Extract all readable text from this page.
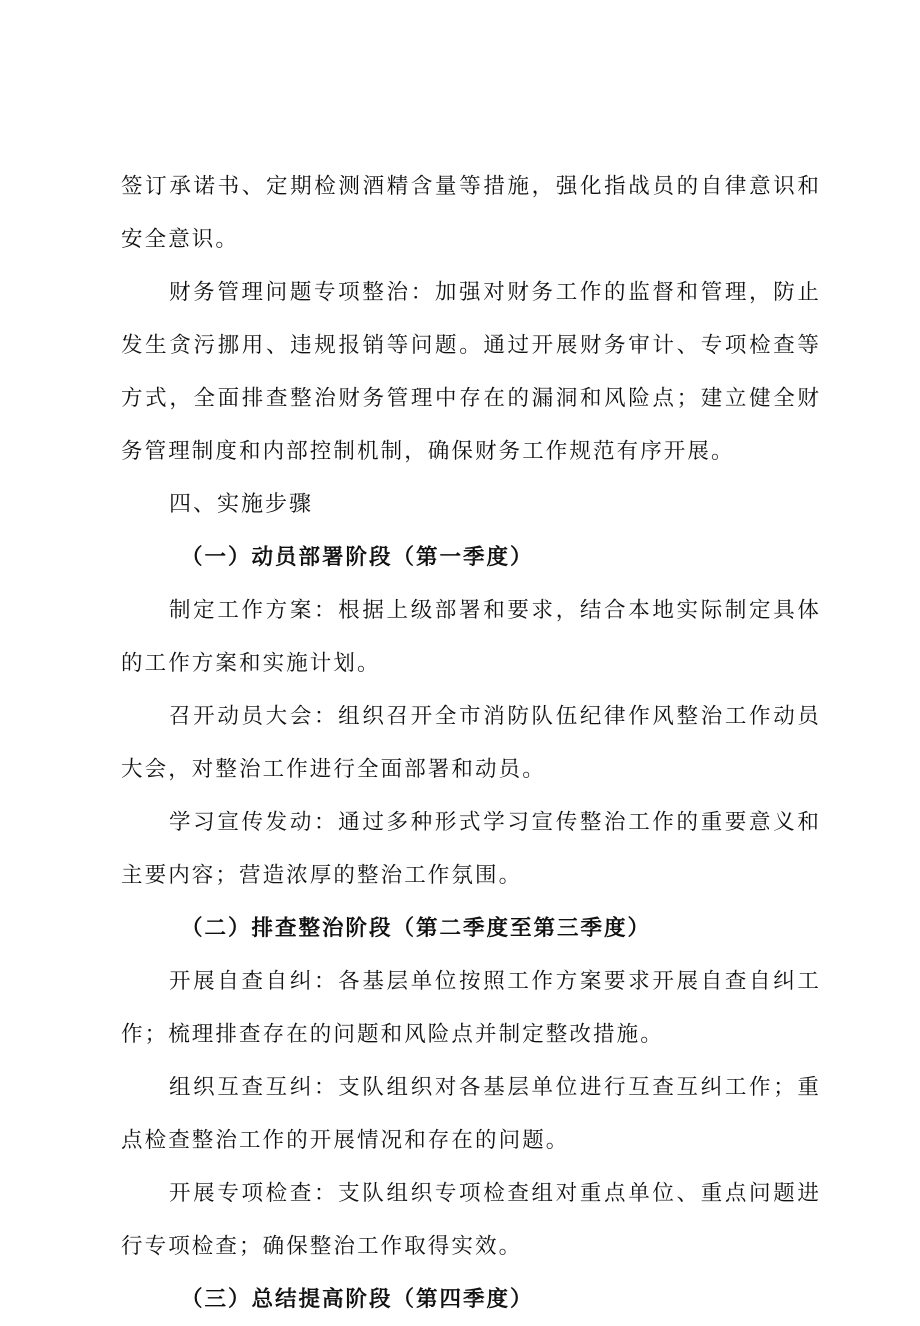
签订承诺书、定期检测酒精含量等措施，强化指战员的自律意识和安全意识。

财务管理问题专项整治：加强对财务工作的监督和管理，防止发生贪污挪用、违规报销等问题。通过开展财务审计、专项检查等方式，全面排查整治财务管理中存在的漏洞和风险点；建立健全财务管理制度和内部控制机制，确保财务工作规范有序开展。

四、实施步骤

（一）动员部署阶段（第一季度）

制定工作方案：根据上级部署和要求，结合本地实际制定具体的工作方案和实施计划。

召开动员大会：组织召开全市消防队伍纪律作风整治工作动员大会，对整治工作进行全面部署和动员。

学习宣传发动：通过多种形式学习宣传整治工作的重要意义和主要内容；营造浓厚的整治工作氛围。

（二）排查整治阶段（第二季度至第三季度）

开展自查自纠：各基层单位按照工作方案要求开展自查自纠工作；梳理排查存在的问题和风险点并制定整改措施。

组织互查互纠：支队组织对各基层单位进行互查互纠工作；重点检查整治工作的开展情况和存在的问题。

开展专项检查：支队组织专项检查组对重点单位、重点问题进行专项检查；确保整治工作取得实效。

（三）总结提高阶段（第四季度）
